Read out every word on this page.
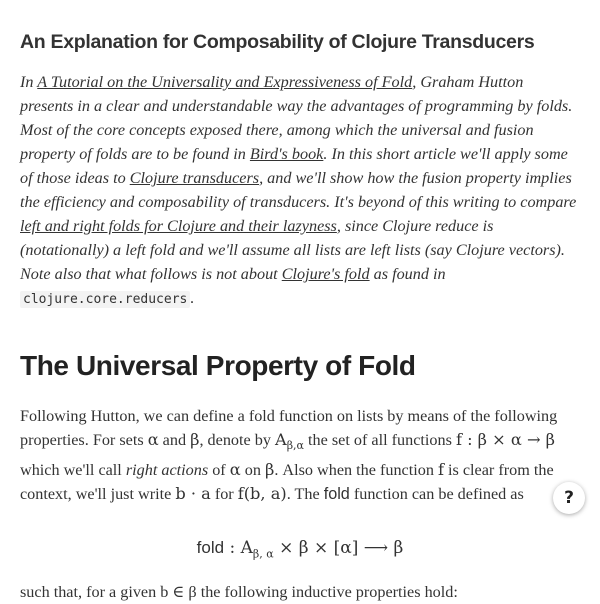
An Explanation for Composability of Clojure Transducers

In A Tutorial on the Universality and Expressiveness of Fold, Graham Hutton presents in a clear and understandable way the advantages of programming by folds. Most of the core concepts exposed there, among which the universal and fusion property of folds are to be found in Bird's book. In this short article we'll apply some of those ideas to Clojure transducers, and we'll show how the fusion property implies the efficiency and composability of transducers. It's beyond of this writing to compare left and right folds for Clojure and their lazyness, since Clojure reduce is (notationally) a left fold and we'll assume all lists are left lists (say Clojure vectors). Note also that what follows is not about Clojure's fold as found in clojure.core.reducers .

The Universal Property of Fold

Following Hutton, we can define a fold function on lists by means of the following properties. For sets α and β, denote by $A_{\beta,\alpha}$ the set of all functions f : β × α → β which we'll call right actions of α on β. Also when the function f is clear from the context, we'll just write b · a for f(b, a). The fold function can be defined as

fold : $A_{\beta, \alpha} \times \beta \times [\alpha]$ ⟶ β

such that, for a given b ∈ β the following inductive properties hold:

?
